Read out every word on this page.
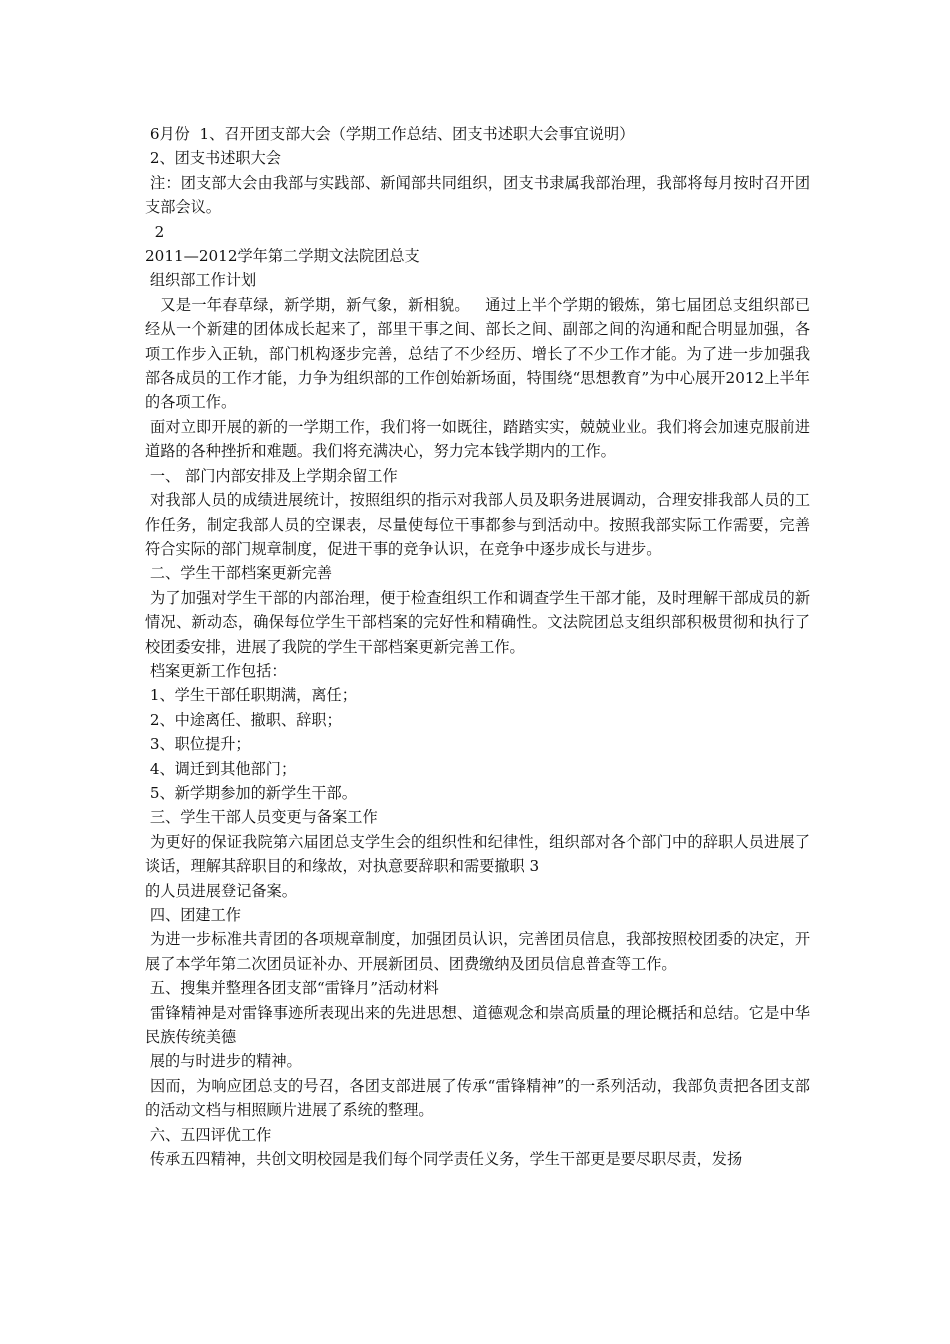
6月份  1、召开团支部大会（学期工作总结、团支书述职大会事宜说明）

2、团支书述职大会

注：团支部大会由我部与实践部、新闻部共同组织，团支书隶属我部治理，我部将每月按时召开团支部会议。

2

2011—2012学年第二学期文法院团总支

组织部工作计划

又是一年春草绿，新学期，新气象，新相貌。   通过上半个学期的锻炼，第七届团总支组织部已经从一个新建的团体成长起来了，部里干事之间、部长之间、副部之间的沟通和配合明显加强，各项工作步入正轨，部门机构逐步完善，总结了不少经历、增长了不少工作才能。为了进一步加强我部各成员的工作才能，力争为组织部的工作创始新场面，特围绕“思想教育”为中心展开2012上半年的各项工作。

面对立即开展的新的一学期工作，我们将一如既往，踏踏实实，兢兢业业。我们将会加速克服前进道路的各种挫折和难题。我们将充满决心，努力完本钱学期内的工作。

一、 部门内部安排及上学期余留工作

对我部人员的成绩进展统计，按照组织的指示对我部人员及职务进展调动，合理安排我部人员的工作任务，制定我部人员的空课表，尽量使每位干事都参与到活动中。按照我部实际工作需要，完善符合实际的部门规章制度，促进干事的竞争认识，在竞争中逐步成长与进步。

二、学生干部档案更新完善

为了加强对学生干部的内部治理，便于检查组织工作和调查学生干部才能，及时理解干部成员的新情况、新动态，确保每位学生干部档案的完好性和精确性。文法院团总支组织部积极贯彻和执行了校团委安排，进展了我院的学生干部档案更新完善工作。

档案更新工作包括：

1、学生干部任职期满，离任；

2、中途离任、撤职、辞职；

3、职位提升；

4、调迁到其他部门；

5、新学期参加的新学生干部。

三、学生干部人员变更与备案工作

为更好的保证我院第六届团总支学生会的组织性和纪律性，组织部对各个部门中的辞职人员进展了谈话，理解其辞职目的和缘故，对执意要辞职和需要撤职 3

的人员进展登记备案。

四、团建工作

为进一步标准共青团的各项规章制度，加强团员认识，完善团员信息，我部按照校团委的决定，开展了本学年第二次团员证补办、开展新团员、团费缴纳及团员信息普查等工作。

五、搜集并整理各团支部“雷锋月”活动材料

雷锋精神是对雷锋事迹所表现出来的先进思想、道德观念和崇高质量的理论概括和总结。它是中华民族传统美德

展的与时进步的精神。

因而，为响应团总支的号召，各团支部进展了传承“雷锋精神”的一系列活动，我部负责把各团支部的活动文档与相照顾片进展了系统的整理。

六、五四评优工作

传承五四精神，共创文明校园是我们每个同学责任义务，学生干部更是要尽职尽责，发扬
